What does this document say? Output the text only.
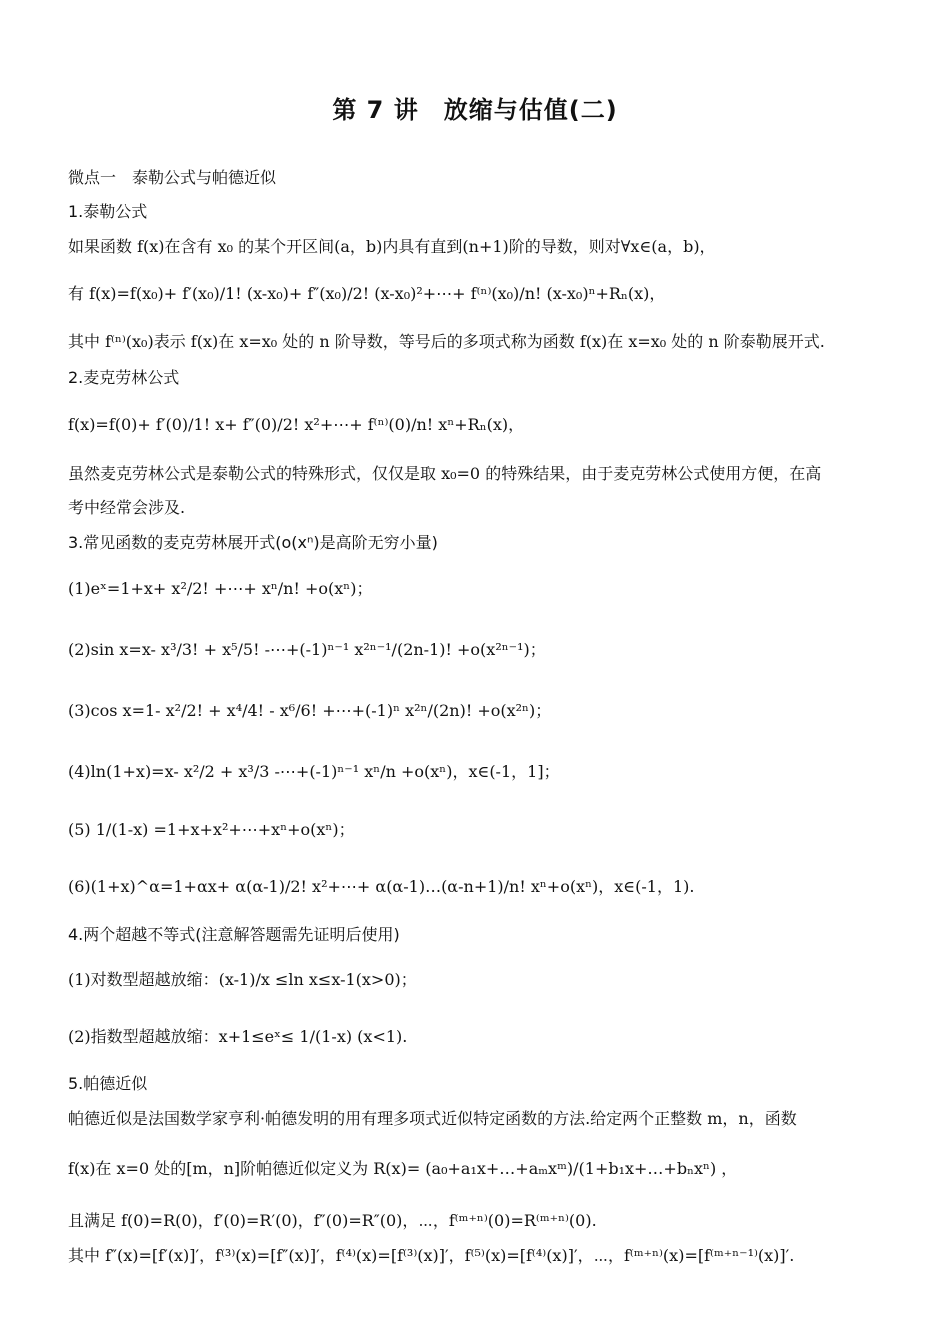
第 7 讲　放缩与估值(二)
微点一　泰勒公式与帕德近似
1.泰勒公式
如果函数 f(x)在含有 x₀ 的某个开区间(a，b)内具有直到(n+1)阶的导数，则对∀x∈(a，b)，
有 f(x)=f(x₀)+ f′(x₀)/1! (x-x₀)+ f″(x₀)/2! (x-x₀)²+⋯+ f⁽ⁿ⁾(x₀)/n! (x-x₀)ⁿ+Rₙ(x)，
其中 f⁽ⁿ⁾(x₀)表示 f(x)在 x=x₀ 处的 n 阶导数，等号后的多项式称为函数 f(x)在 x=x₀ 处的 n 阶泰勒展开式.
2.麦克劳林公式
f(x)=f(0)+ f′(0)/1! x+ f″(0)/2! x²+⋯+ f⁽ⁿ⁾(0)/n! xⁿ+Rₙ(x)，
虽然麦克劳林公式是泰勒公式的特殊形式，仅仅是取 x₀=0 的特殊结果，由于麦克劳林公式使用方便，在高
考中经常会涉及.
3.常见函数的麦克劳林展开式(o(xⁿ)是高阶无穷小量)
(1)eˣ=1+x+ x²/2! +⋯+ xⁿ/n! +o(xⁿ)；
(2)sin x=x- x³/3! + x⁵/5! -⋯+(-1)ⁿ⁻¹ x²ⁿ⁻¹/(2n-1)! +o(x²ⁿ⁻¹)；
(3)cos x=1- x²/2! + x⁴/4! - x⁶/6! +⋯+(-1)ⁿ x²ⁿ/(2n)! +o(x²ⁿ)；
(4)ln(1+x)=x- x²/2 + x³/3 -⋯+(-1)ⁿ⁻¹ xⁿ/n +o(xⁿ)，x∈(-1，1]；
(5) 1/(1-x) =1+x+x²+⋯+xⁿ+o(xⁿ)；
(6)(1+x)^α=1+αx+ α(α-1)/2! x²+⋯+ α(α-1)…(α-n+1)/n! xⁿ+o(xⁿ)，x∈(-1，1).
4.两个超越不等式(注意解答题需先证明后使用)
(1)对数型超越放缩：(x-1)/x ≤ln x≤x-1(x>0)；
(2)指数型超越放缩：x+1≤eˣ≤ 1/(1-x) (x<1).
5.帕德近似
帕德近似是法国数学家亨利·帕德发明的用有理多项式近似特定函数的方法.给定两个正整数 m，n，函数
f(x)在 x=0 处的[m，n]阶帕德近似定义为 R(x)= (a₀+a₁x+…+aₘxᵐ)/(1+b₁x+…+bₙxⁿ) ，
且满足 f(0)=R(0)，f′(0)=R′(0)，f″(0)=R″(0)，⋯，f⁽ᵐ⁺ⁿ⁾(0)=R⁽ᵐ⁺ⁿ⁾(0).
其中 f″(x)=[f′(x)]′，f⁽³⁾(x)=[f″(x)]′，f⁽⁴⁾(x)=[f⁽³⁾(x)]′，f⁽⁵⁾(x)=[f⁽⁴⁾(x)]′，⋯，f⁽ᵐ⁺ⁿ⁾(x)=[f⁽ᵐ⁺ⁿ⁻¹⁾(x)]′.
